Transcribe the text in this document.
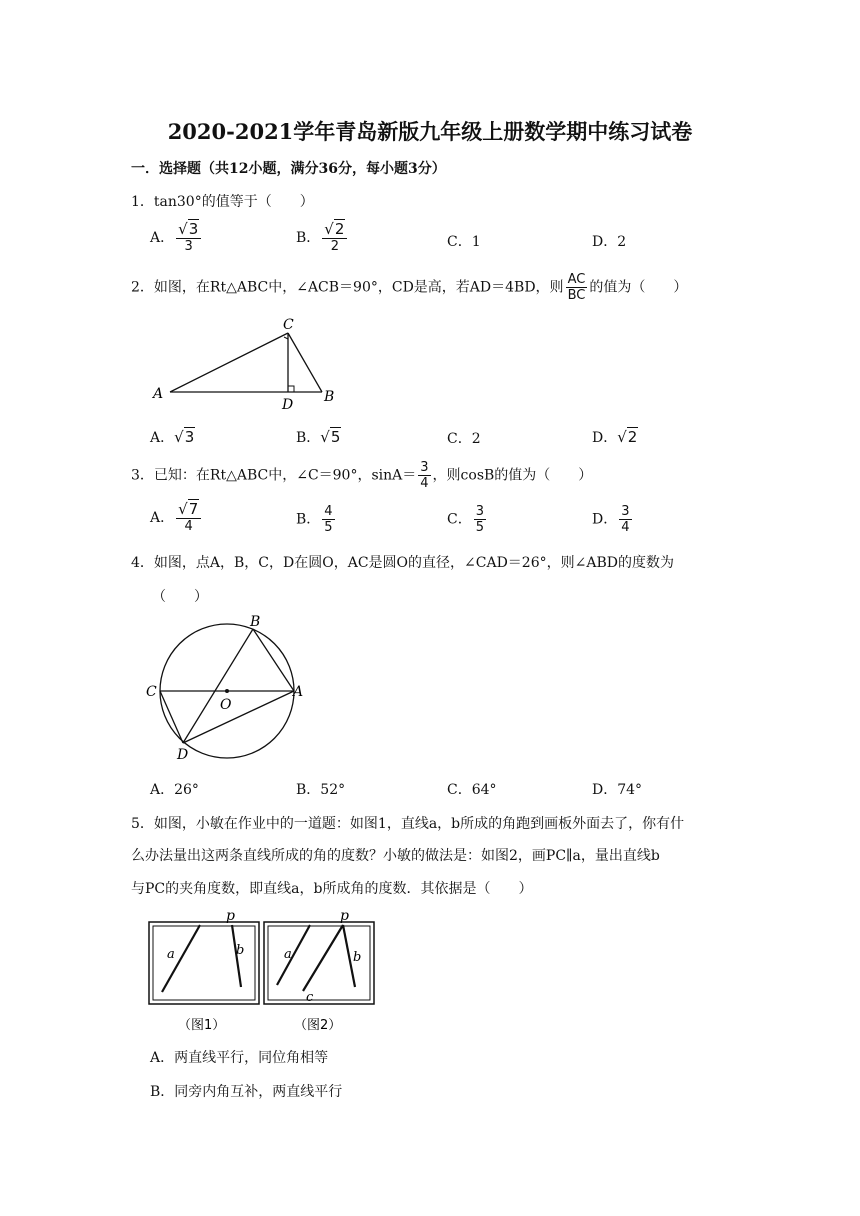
2020-2021学年青岛新版九年级上册数学期中练习试卷
一．选择题（共12小题，满分36分，每小题3分）
1．tan30°的值等于（　　）
A． $\frac{√3}{3}$	B． $\frac{√2}{2}$	C．1	D．2
2．如图，在Rt△ABC中，∠ACB＝90°，CD是高，若AD＝4BD，则 $\frac{AC}{BC}$ 的值为（　　）
A	B
C
D
A．√3	B．√5	C．2	D．√2
3．已知：在Rt△ABC中，∠C＝90°，$\sin A= \frac{3}{4}$ ，则cosB的值为（　　）
A． $\frac{√7}{4}$	B． $\frac{4}{5}$	C． $\frac{3}{5}$	D． $\frac{3}{4}$
4．如图，点A，B，C，D在圆O，AC是圆O的直径，∠CAD＝26°，则∠ABD的度数为
（　　）
B
C	A
O
D
A．26°	B．52°	C．64°	D．74°
5．如图，小敏在作业中的一道题：如图1，直线a，b所成的角跑到画板外面去了，你有什
么办法量出这两条直线所成的角的度数？小敏的做法是：如图2，画PC∥a，量出直线b
与PC的夹角度数，即直线a，b所成角的度数．其依据是（　　）
p
a	b
（图1）
p
a	b
c
（图2）
A．两直线平行，同位角相等
B．同旁内角互补，两直线平行
